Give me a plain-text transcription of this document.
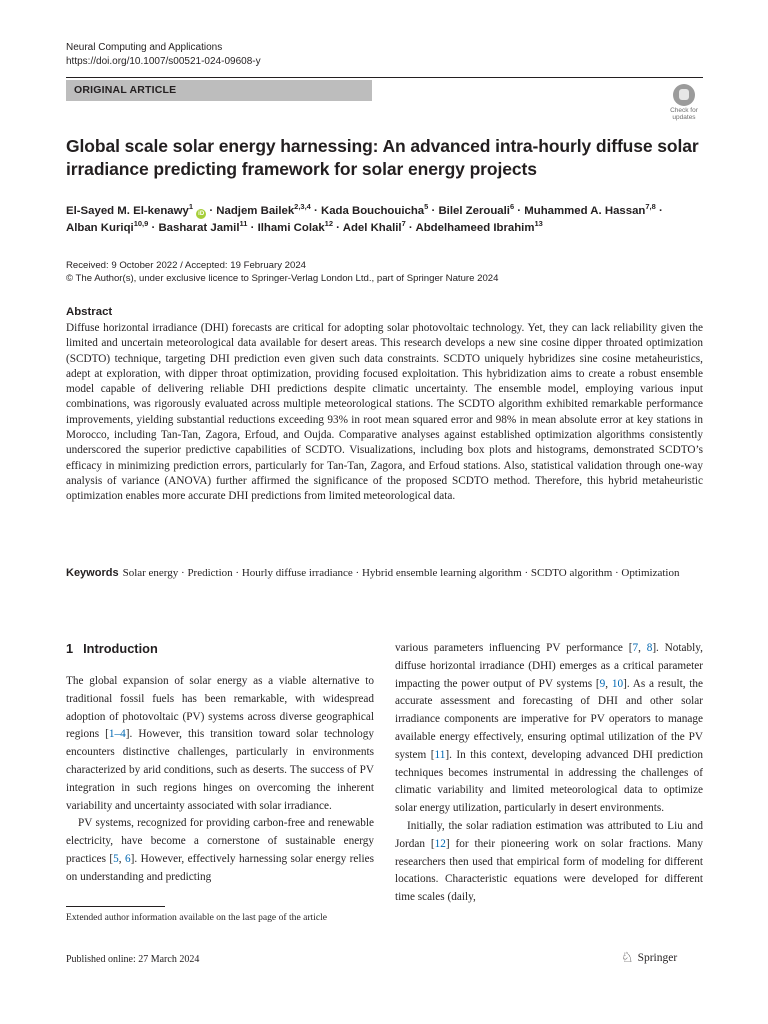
Neural Computing and Applications
https://doi.org/10.1007/s00521-024-09608-y
ORIGINAL ARTICLE
Check for updates
Global scale solar energy harnessing: An advanced intra-hourly diffuse solar irradiance predicting framework for solar energy projects
El-Sayed M. El-kenawy$^1$ iD · Nadjem Bailek$^{2,3,4}$ · Kada Bouchouicha$^5$ · Bilel Zerouali$^6$ · Muhammed A. Hassan$^{7,8}$ ·
Alban Kuriqi$^{10,9}$ · Basharat Jamil$^{11}$ · Ilhami Colak$^{12}$ · Adel Khalil$^7$ · Abdelhameed Ibrahim$^{13}$
Received: 9 October 2022 / Accepted: 19 February 2024
© The Author(s), under exclusive licence to Springer-Verlag London Ltd., part of Springer Nature 2024
Abstract
Diffuse horizontal irradiance (DHI) forecasts are critical for adopting solar photovoltaic technology. Yet, they can lack reliability given the limited and uncertain meteorological data available for desert areas. This research develops a new sine cosine dipper throated optimization (SCDTO) technique, targeting DHI prediction even given such data constraints. SCDTO uniquely hybridizes sine cosine metaheuristics, adept at exploration, with dipper throat optimization, providing focused exploitation. This hybridization aims to create a robust ensemble model capable of delivering reliable DHI predictions despite climatic uncertainty. The ensemble model, employing various input combinations, was rigorously evaluated across multiple meteorological stations. The SCDTO algorithm exhibited remarkable performance improvements, yielding substantial reductions exceeding 93% in root mean squared error and 98% in mean absolute error at key stations in Morocco, including Tan-Tan, Zagora, Erfoud, and Oujda. Comparative analyses against established optimization algorithms consistently underscored the superior predictive capabilities of SCDTO. Visualizations, including box plots and histograms, demonstrated SCDTO’s efficacy in minimizing prediction errors, particularly for Tan-Tan, Zagora, and Erfoud stations. Also, statistical validation through one-way analysis of variance (ANOVA) further affirmed the significance of the proposed SCDTO method. Therefore, this hybrid metaheuristic optimization enables more accurate DHI predictions from limited meteorological data.
Keywords Solar energy · Prediction · Hourly diffuse irradiance · Hybrid ensemble learning algorithm · SCDTO algorithm · Optimization
1 Introduction

The global expansion of solar energy as a viable alternative to traditional fossil fuels has been remarkable, with widespread adoption of photovoltaic (PV) systems across diverse geographical regions [1–4]. However, this transition toward solar technology encounters distinctive challenges, particularly in environments characterized by arid conditions, such as deserts. The success of PV integration in such regions hinges on overcoming the inherent variability and uncertainty associated with solar irradiance.

PV systems, recognized for providing carbon-free and renewable electricity, have become a cornerstone of sustainable energy practices [5, 6]. However, effectively harnessing solar energy relies on understanding and predicting

various parameters influencing PV performance [7, 8]. Notably, diffuse horizontal irradiance (DHI) emerges as a critical parameter impacting the power output of PV systems [9, 10]. As a result, the accurate assessment and forecasting of DHI and other solar irradiance components are imperative for PV operators to manage available energy effectively, ensuring optimal utilization of the PV system [11]. In this context, developing advanced DHI prediction techniques becomes instrumental in addressing the challenges of climatic variability and limited meteorological data to optimize solar energy utilization, particularly in desert environments.

Initially, the solar radiation estimation was attributed to Liu and Jordan [12] for their pioneering work on solar fractions. Many researchers then used that empirical form of modeling for different locations. Characteristic equations were developed for different time scales (daily,

Extended author information available on the last page of the article
Published online: 27 March 2024	♘ Springer
